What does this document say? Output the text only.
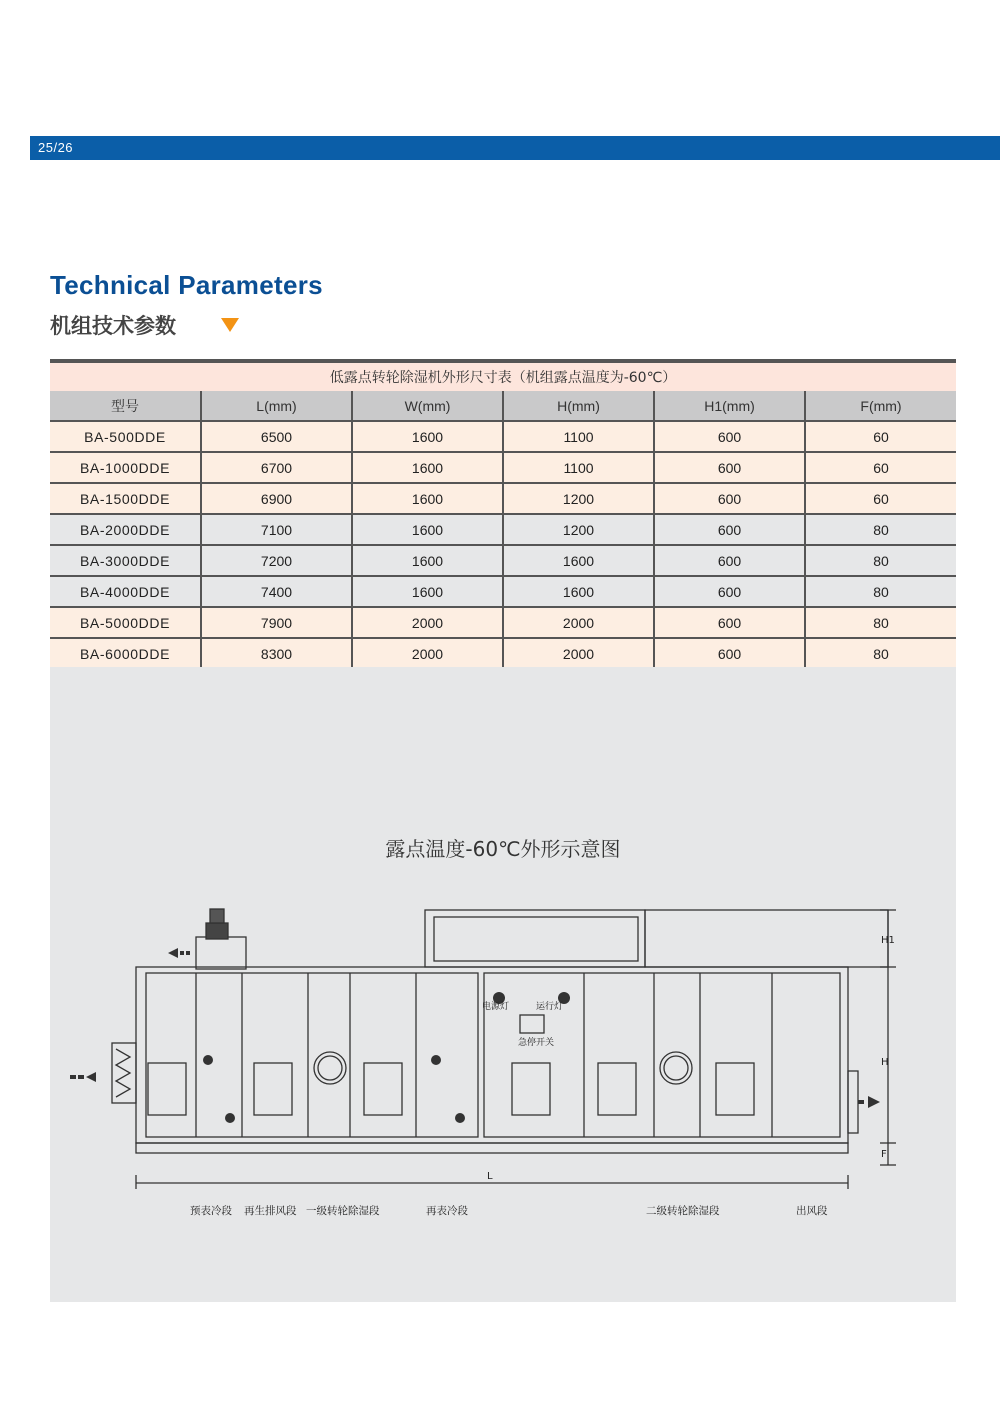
25/26
Technical Parameters
机组技术参数
低露点转轮除湿机外形尺寸表（机组露点温度为-60℃）					
型号	L(mm)	W(mm)	H(mm)	H1(mm)	F(mm)
BA-500DDE	6500	1600	1100	600	60
BA-1000DDE	6700	1600	1100	600	60
BA-1500DDE	6900	1600	1200	600	60
BA-2000DDE	7100	1600	1200	600	80
BA-3000DDE	7200	1600	1600	600	80
BA-4000DDE	7400	1600	1600	600	80
BA-5000DDE	7900	2000	2000	600	80
BA-6000DDE	8300	2000	2000	600	80
露点温度-60℃外形示意图
电源灯	运行灯
急停开关
H1
H
F
L
预表冷段 再生排风段 一级转轮除湿段	再表冷段	二级转轮除湿段	出风段
